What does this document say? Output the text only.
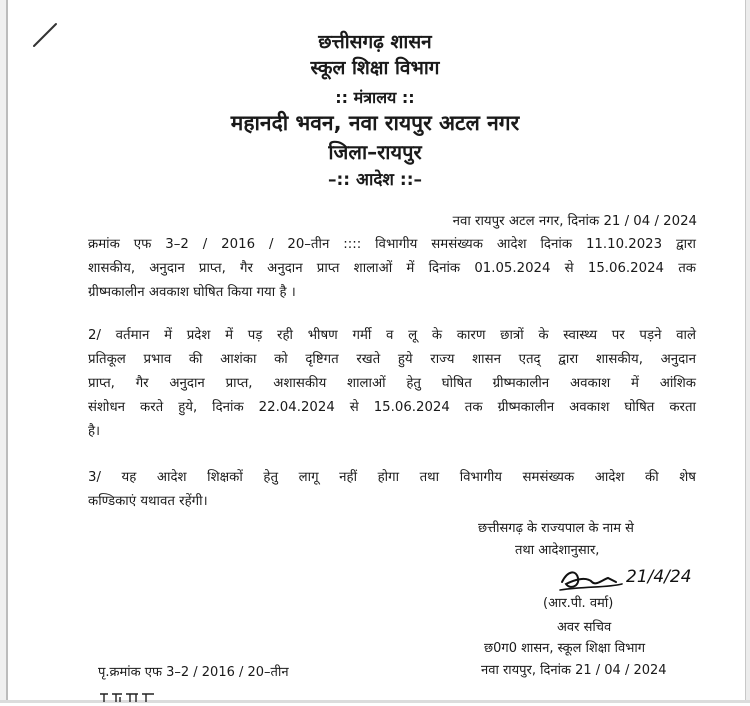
छत्तीसगढ़ शासन
स्कूल शिक्षा विभाग
:: मंत्रालय ::
महानदी भवन, नवा रायपुर अटल नगर
जिला–रायपुर
–:: आदेश ::–
नवा रायपुर अटल नगर, दिनांक 21 / 04 / 2024
क्रमांक एफ 3–2 / 2016 / 20–तीन :::: विभागीय समसंख्यक आदेश दिनांक 11.10.2023 द्वारा
शासकीय, अनुदान प्राप्त, गैर अनुदान प्राप्त शालाओं में दिनांक 01.05.2024 से 15.06.2024 तक
ग्रीष्मकालीन अवकाश घोषित किया गया है ।
2/ वर्तमान में प्रदेश में पड़ रही भीषण गर्मी व लू के कारण छात्रों के स्वास्थ्य पर पड़ने वाले
प्रतिकूल प्रभाव की आशंका को दृष्टिगत रखते हुये राज्य शासन एतद् द्वारा शासकीय, अनुदान
प्राप्त, गैर अनुदान प्राप्त, अशासकीय शालाओं हेतु घोषित ग्रीष्मकालीन अवकाश में आंशिक
संशोधन करते हुये, दिनांक 22.04.2024 से 15.06.2024 तक ग्रीष्मकालीन अवकाश घोषित करता
है।
3/ यह आदेश शिक्षकों हेतु लागू नहीं होगा तथा विभागीय समसंख्यक आदेश की शेष
कण्डिकाएं यथावत रहेंगी।
छत्तीसगढ़ के राज्यपाल के नाम से
तथा आदेशानुसार,
21/4/24
(आर.पी. वर्मा)
अवर सचिव
छ0ग0 शासन, स्कूल शिक्षा विभाग
नवा रायपुर, दिनांक 21 / 04 / 2024
पृ.क्रमांक एफ 3–2 / 2016 / 20–तीन
